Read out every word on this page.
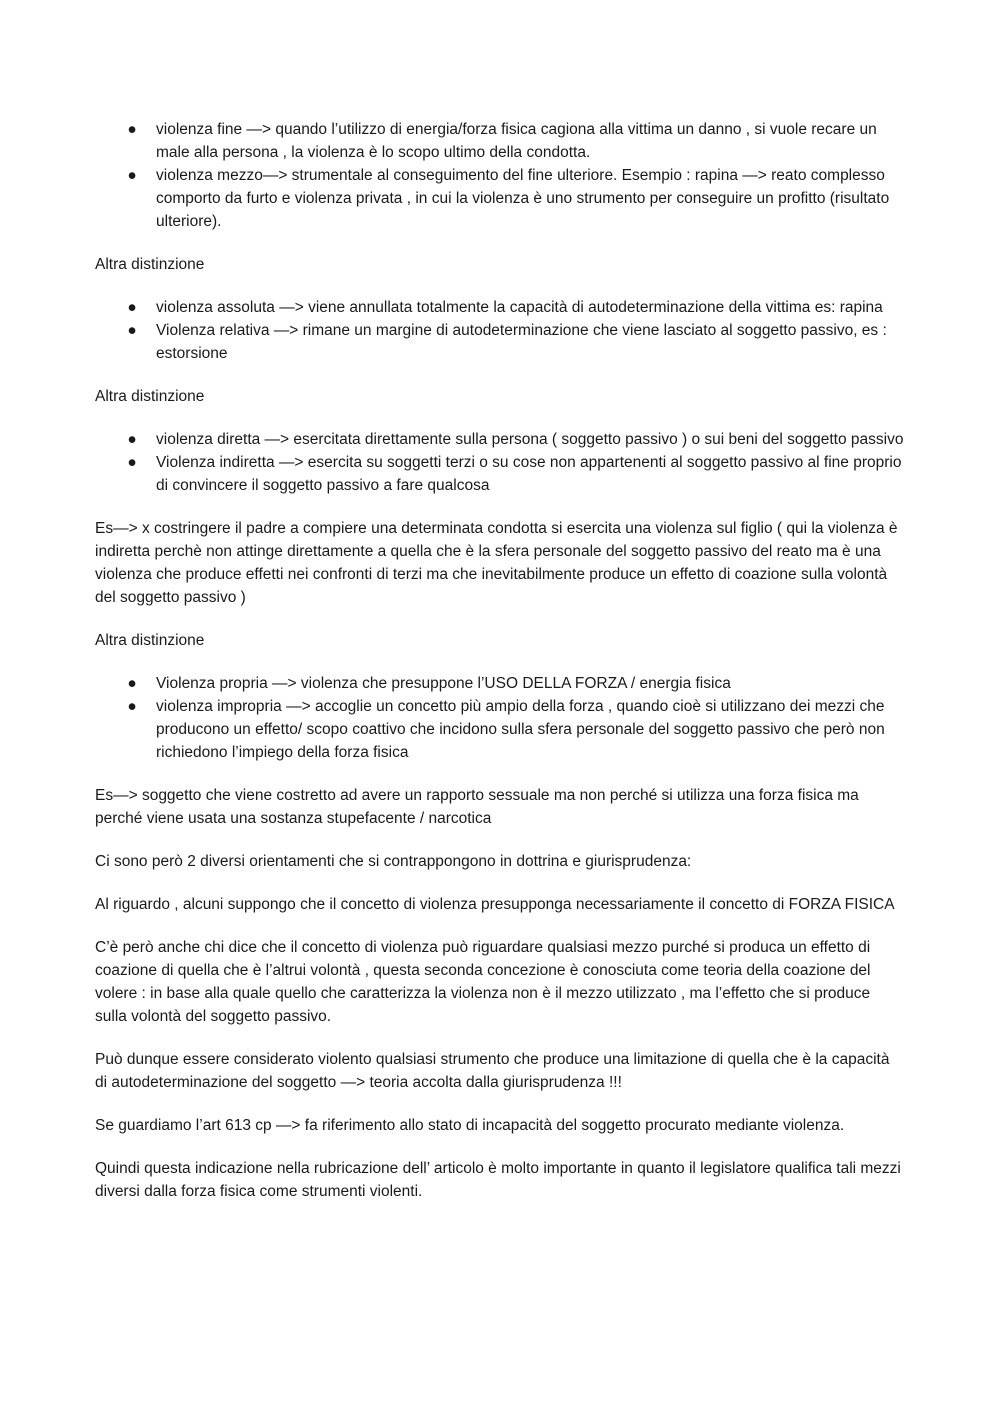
● violenza fine —> quando l’utilizzo di energia/forza fisica cagiona alla vittima un danno , si vuole recare un male alla persona , la violenza è lo scopo ultimo della condotta.
● violenza mezzo—> strumentale al conseguimento del fine ulteriore. Esempio : rapina —> reato complesso comporto da furto e violenza privata , in cui la violenza è uno strumento per conseguire un profitto (risultato ulteriore).

Altra distinzione

● violenza assoluta —> viene annullata totalmente la capacità di autodeterminazione della vittima es: rapina
● Violenza relativa —> rimane un margine di autodeterminazione che viene lasciato al soggetto passivo, es : estorsione

Altra distinzione

● violenza diretta —> esercitata direttamente sulla persona ( soggetto passivo ) o sui beni del soggetto passivo
● Violenza indiretta —> esercita su soggetti terzi o su cose non appartenenti al soggetto passivo al fine proprio di convincere il soggetto passivo a fare qualcosa

Es—> x costringere il padre a compiere una determinata condotta si esercita una violenza sul figlio ( qui la violenza è indiretta perchè non attinge direttamente a quella che è la sfera personale del soggetto passivo del reato ma è una violenza che produce effetti nei confronti di terzi ma che inevitabilmente produce un effetto di coazione sulla volontà del soggetto passivo )

Altra distinzione

● Violenza propria —> violenza che presuppone l’USO DELLA FORZA / energia fisica
● violenza impropria —> accoglie un concetto più ampio della forza , quando cioè si utilizzano dei mezzi che producono un effetto/ scopo coattivo che incidono sulla sfera personale del soggetto passivo che però non richiedono l’impiego della forza fisica

Es—> soggetto che viene costretto ad avere un rapporto sessuale ma non perché si utilizza una forza fisica ma perché viene usata una sostanza stupefacente / narcotica

Ci sono però 2 diversi orientamenti che si contrappongono in dottrina e giurisprudenza:

Al riguardo , alcuni suppongo che il concetto di violenza presupponga necessariamente il concetto di FORZA FISICA

C’è però anche chi dice che il concetto di violenza può riguardare qualsiasi mezzo purché si produca un effetto di coazione di quella che è l’altrui volontà , questa seconda concezione è conosciuta come teoria della coazione del volere : in base alla quale quello che caratterizza la violenza non è il mezzo utilizzato , ma l’effetto che si produce sulla volontà del soggetto passivo.

Può dunque essere considerato violento qualsiasi strumento che produce una limitazione di quella che è la capacità di autodeterminazione del soggetto —> teoria accolta dalla giurisprudenza !!!

Se guardiamo l’art 613 cp —> fa riferimento allo stato di incapacità del soggetto procurato mediante violenza.

Quindi questa indicazione nella rubricazione dell’ articolo è molto importante in quanto il legislatore qualifica tali mezzi diversi dalla forza fisica come strumenti violenti.
